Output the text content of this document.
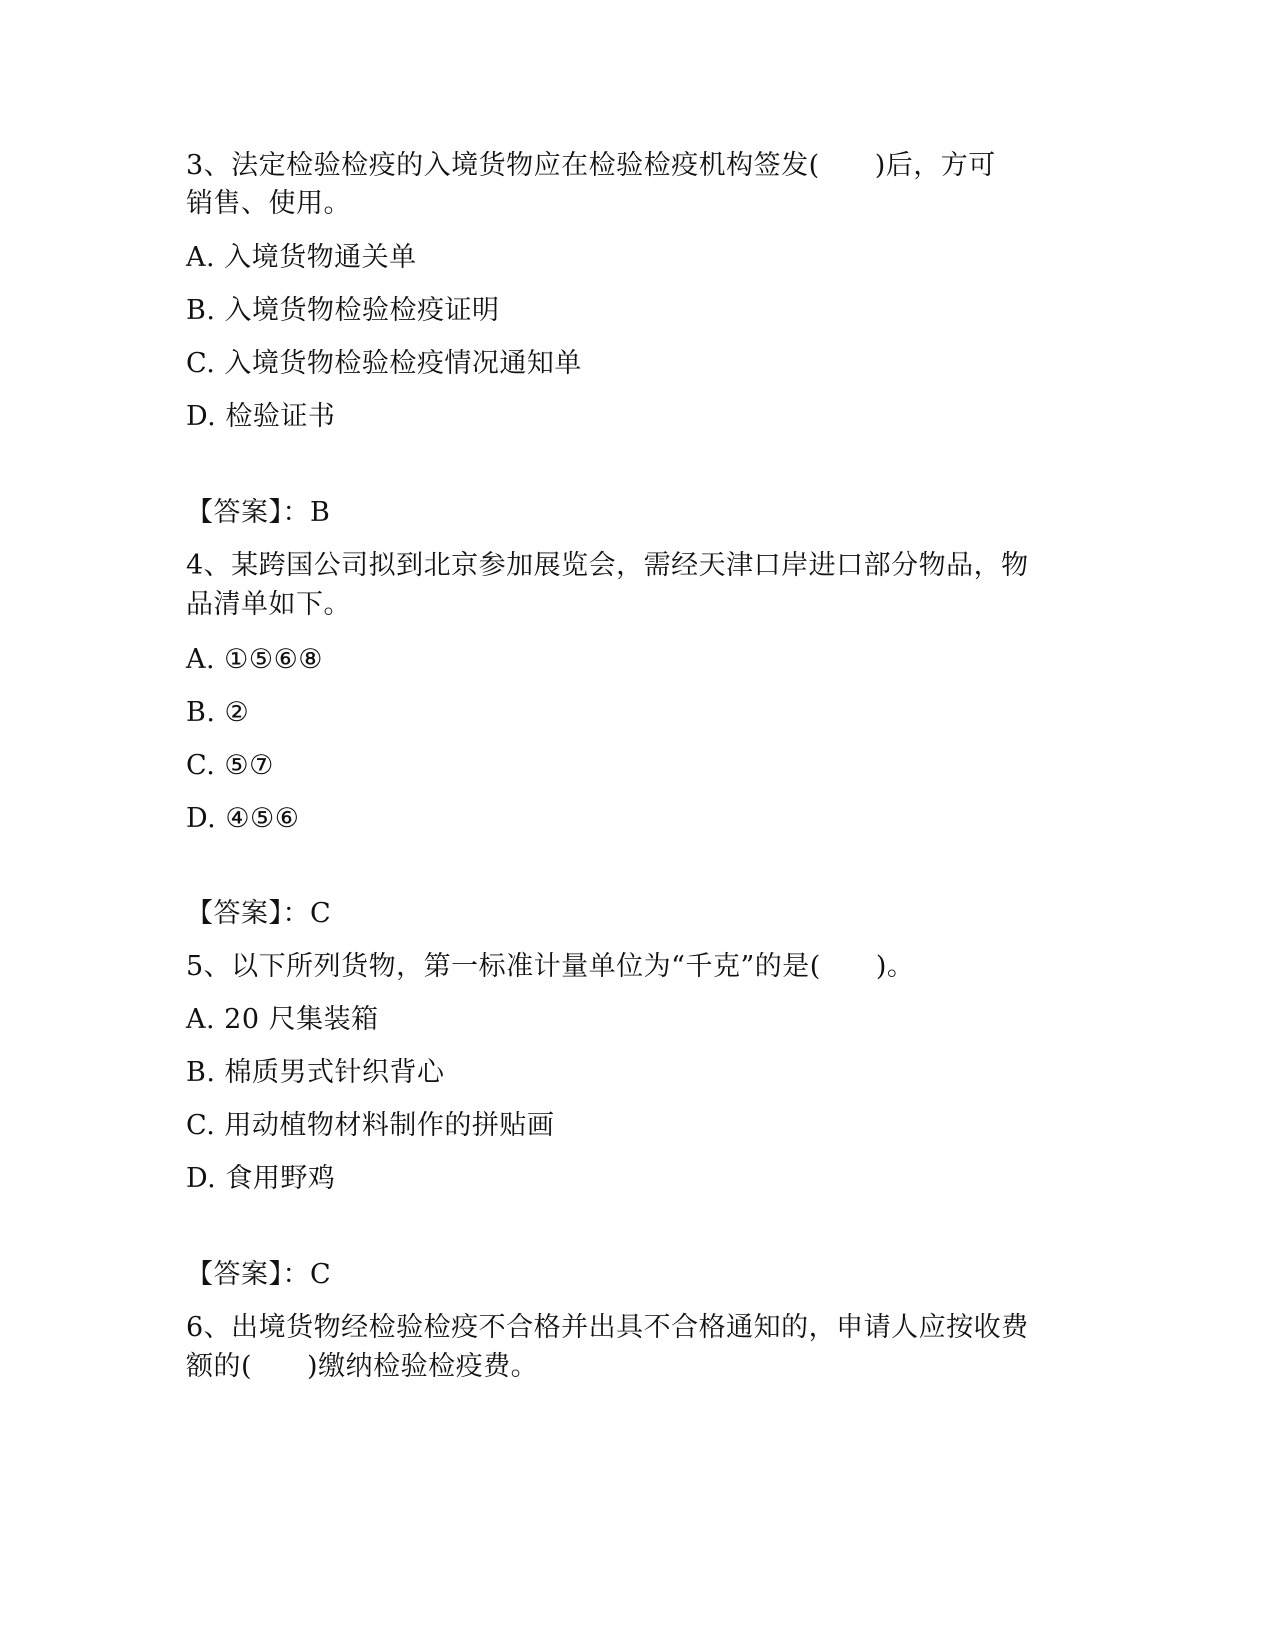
3、法定检验检疫的入境货物应在检验检疫机构签发(　　)后，方可
销售、使用。
A. 入境货物通关单
B. 入境货物检验检疫证明
C. 入境货物检验检疫情况通知单
D. 检验证书
【答案】：B
4、某跨国公司拟到北京参加展览会，需经天津口岸进口部分物品，物
品清单如下。
A. ①⑤⑥⑧
B. ②
C. ⑤⑦
D. ④⑤⑥
【答案】：C
5、以下所列货物，第一标准计量单位为“千克”的是(　　)。
A. 20 尺集装箱
B. 棉质男式针织背心
C. 用动植物材料制作的拼贴画
D. 食用野鸡
【答案】：C
6、出境货物经检验检疫不合格并出具不合格通知的，申请人应按收费
额的(　　)缴纳检验检疫费。
